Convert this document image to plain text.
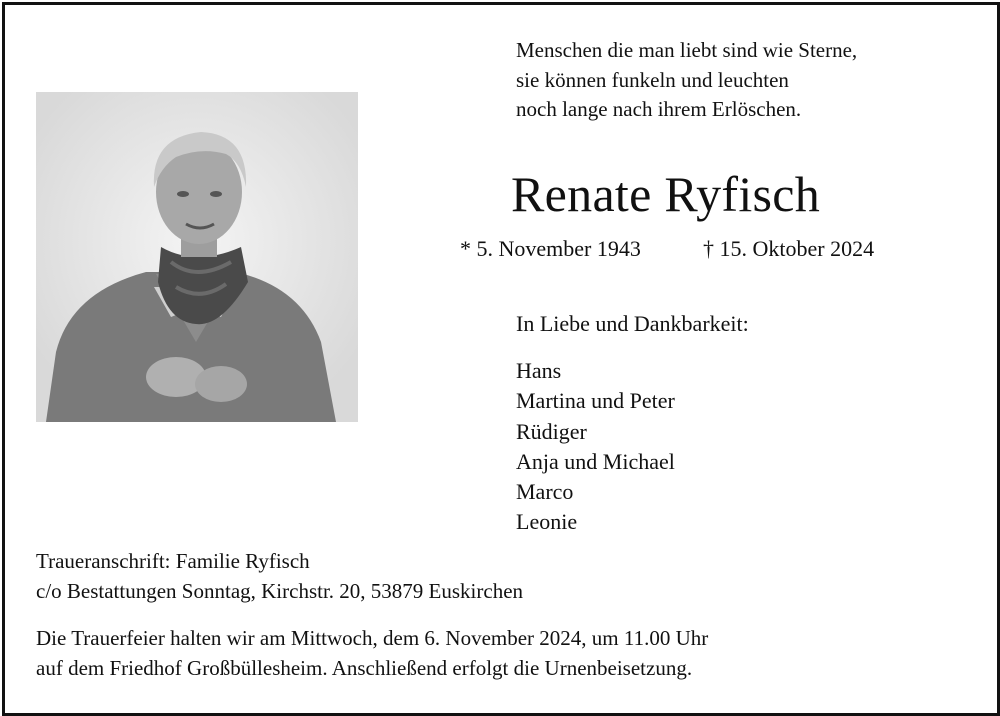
Menschen die man liebt sind wie Sterne,
sie können funkeln und leuchten
noch lange nach ihrem Erlöschen.
Renate Ryfisch
* 5. November 1943	† 15. Oktober 2024
In Liebe und Dankbarkeit:
Hans
Martina und Peter
Rüdiger
Anja und Michael
Marco
Leonie
Traueranschrift: Familie Ryfisch
c/o Bestattungen Sonntag, Kirchstr. 20, 53879 Euskirchen
Die Trauerfeier halten wir am Mittwoch, dem 6. November 2024, um 11.00 Uhr
auf dem Friedhof Großbüllesheim. Anschließend erfolgt die Urnenbeisetzung.
